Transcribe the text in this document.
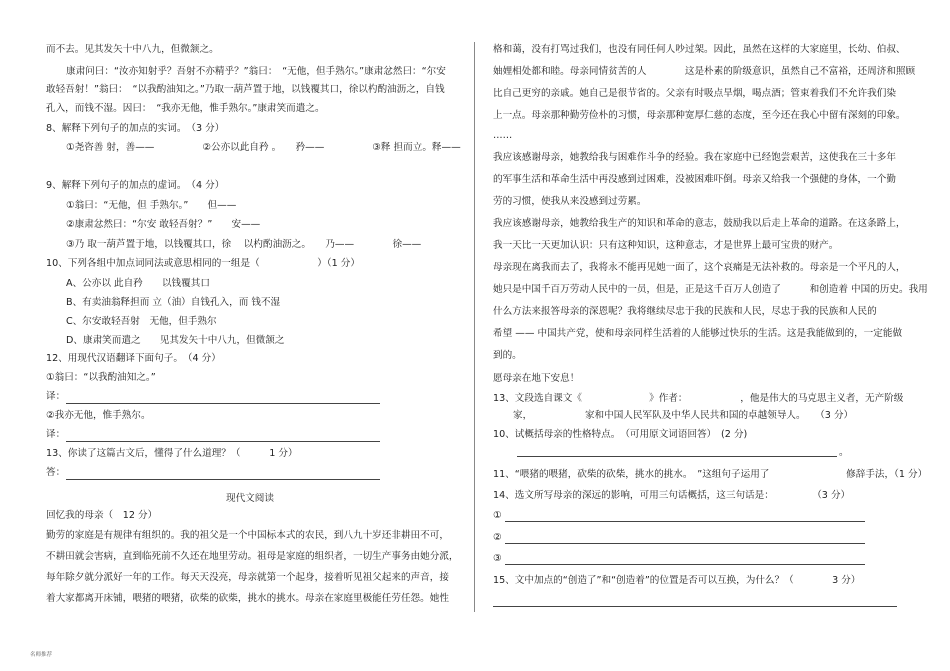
而不去。见其发矢十中八九，但微颔之。
康肃问曰：“汝亦知射乎？吾射不亦精乎？”翁曰：　“无他，但手熟尔。”康肃忿然曰：“尔安
敢轻吾射！”翁曰：　“以我酌油知之。”乃取一葫芦置于地，以钱覆其口，徐以杓酌油沥之，自钱
孔入，而钱不湿。因曰：　“我亦无他，惟手熟尔。”康肃笑而遣之。
8、解释下列句子的加点的实词。　（3 分）
①尧咨善 射，善——　　　　　②公亦以此自矜 。　　矜——　　　　　③释 担而立。释——
9、解释下列句子的加点的虚词。　（4 分）
①翁曰：“无他，但 手熟尔。”　　但——
②康肃忿然曰：“尔安 敢轻吾射？”　　安——
③乃 取一葫芦置于地，以钱覆其口，徐 　以杓酌油沥之。　　乃——　　　　徐——
10、下列各组中加点词同法或意思相同的一组是（　　　　　　）（1 分）
A、公亦以 此自矜　　以钱覆其口
B、有卖油翁释担而 立（油）自钱孔入，而 钱不湿
C、尔安敢轻吾射　无他，但手熟尔
D、康肃笑而遣之　　见其发矢十中八九，但微颔之
12、用现代汉语翻译下面句子。　（4 分）
①翁曰：“以我酌油知之。”
译：
②我亦无他，惟手熟尔。
译：
13、你读了这篇古文后，懂得了什么道理？（　　　1 分）
答：
现代文阅读
回忆我的母亲（　12 分）
勤劳的家庭是有规律有组织的。我的祖父是一个中国标本式的农民，到八九十岁还非耕田不可，
不耕田就会害病，直到临死前不久还在地里劳动。祖母是家庭的组织者，一切生产事务由她分派，
每年除夕就分派好一年的工作。每天天没亮，母亲就第一个起身，接着听见祖父起来的声音，接
着大家都离开床铺，喂猪的喂猪，砍柴的砍柴，挑水的挑水。母亲在家庭里极能任劳任怨。她性
格和蔼，没有打骂过我们，也没有同任何人吵过架。因此，虽然在这样的大家庭里，长幼、伯叔、
妯娌相处都和睦。母亲同情贫苦的人　　　　这是朴素的阶级意识，虽然自己不富裕，还周济和照顾
比自己更穷的亲戚。她自己是很节省的。父亲有时吸点旱烟，喝点酒；管束着我们不允许我们染
上一点。母亲那种勤劳俭朴的习惯，母亲那种宽厚仁慈的态度，至今还在我心中留有深刻的印象。
……
我应该感谢母亲，她教给我与困难作斗争的经验。我在家庭中已经饱尝艰苦，这使我在三十多年
的军事生活和革命生活中再没感到过困难，没被困难吓倒。母亲又给我一个强健的身体，一个勤
劳的习惯，使我从来没感到过劳累。
我应该感谢母亲，她教给我生产的知识和革命的意志，鼓励我以后走上革命的道路。在这条路上，
我一天比一天更加认识：只有这种知识，这种意志，才是世界上最可宝贵的财产。
母亲现在离我而去了，我将永不能再见她一面了，这个哀痛是无法补救的。母亲是一个平凡的人，
她只是中国千百万劳动人民中的一员，但是，正是这千百万人创造了　　　和创造着 中国的历史。我用
什么方法来报答母亲的深恩呢？我将继续尽忠于我的民族和人民，尽忠于我的民族和人民的
希望 —— 中国共产党，使和母亲同样生活着的人能够过快乐的生活。这是我能做到的，一定能做
到的。
愿母亲在地下安息！
13、文段选自课文《　　　　　　　》作者：　　　　　　，他是伟大的马克思主义者，无产阶级
家，　　　　　　家和中国人民军队及中华人民共和国的卓越领导人。　　（3 分）
10、试概括母亲的性格特点。　（可用原文词语回答）　(2 分)
。
11、“喂猪的喂猪，砍柴的砍柴，挑水的挑水。　”这组句子运用了　　　　　　　　修辞手法，（1 分）
14、选文所写母亲的深远的影响，可用三句话概括，这三句话是：　　　　　（3 分）
①
②
③
15、文中加点的“创造了”和“创造着”的位置是否可以互换，为什么？（　　　　3 分）
名师推荐
